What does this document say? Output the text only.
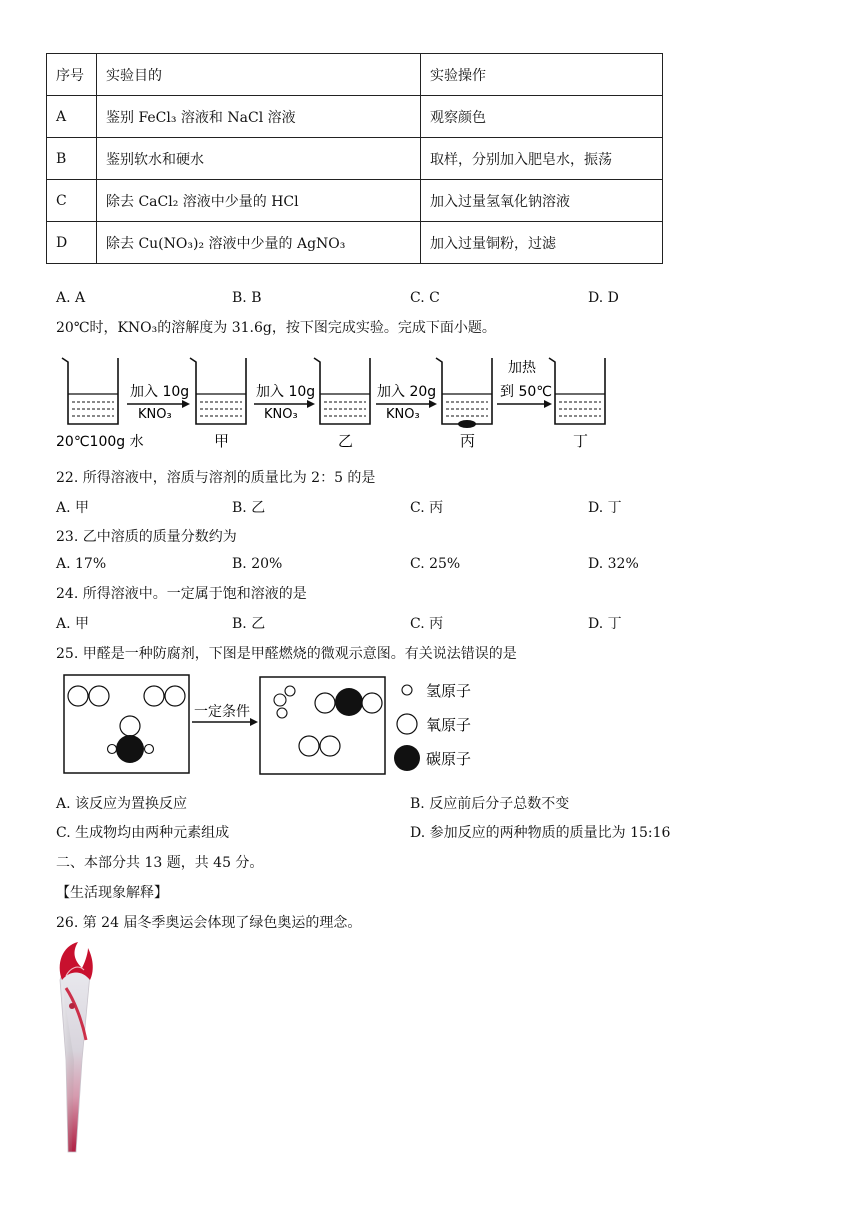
序号	实验目的	实验操作
A	鉴别 FeCl₃ 溶液和 NaCl 溶液	观察颜色
B	鉴别软水和硬水	取样，分别加入肥皂水，振荡
C	除去 CaCl₂ 溶液中少量的 HCl	加入过量氢氧化钠溶液
D	除去 Cu(NO₃)₂ 溶液中少量的 AgNO₃	加入过量铜粉，过滤
A. A	B. B	C. C	D. D
20℃时，KNO₃的溶解度为 31.6g，按下图完成实验。完成下面小题。
加入 10g
KNO₃
加入 10g
KNO₃
加入 20g
KNO₃
加热
到 50℃
20℃100g 水	甲	乙	丙	丁
22. 所得溶液中，溶质与溶剂的质量比为 2：5 的是
A. 甲	B. 乙	C. 丙	D. 丁
23. 乙中溶质的质量分数约为
A. 17%	B. 20%	C. 25%	D. 32%
24. 所得溶液中。一定属于饱和溶液的是
A. 甲	B. 乙	C. 丙	D. 丁
25. 甲醛是一种防腐剂，下图是甲醛燃烧的微观示意图。有关说法错误的是
一定条件
氢原子
氧原子
碳原子
A. 该反应为置换反应	B. 反应前后分子总数不变
C. 生成物均由两种元素组成	D. 参加反应的两种物质的质量比为 15:16
二、本部分共 13 题，共 45 分。
【生活现象解释】
26. 第 24 届冬季奥运会体现了绿色奥运的理念。
